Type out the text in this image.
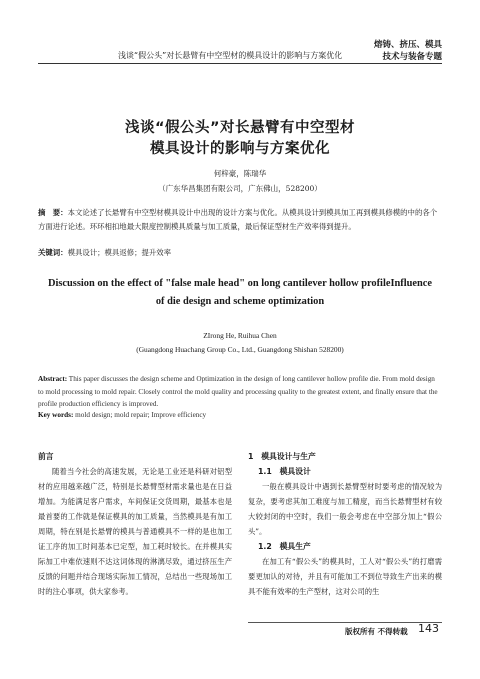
熔铸、挤压、模具
浅谈“假公头”对长悬臂有中空型材的模具设计的影响与方案优化	技术与装备专题
浅谈“假公头”对长悬臂有中空型材
模具设计的影响与方案优化
何梓豪，陈瑞华
（广东华昌集团有限公司，广东佛山，528200）
摘　要：本文论述了长悬臂有中空型材模具设计中出现的设计方案与优化。从模具设计到模具加工再到模具修模的中的各个方面进行论述。环环相扣地最大限度控制模具质量与加工质量，最后保证型材生产效率得到提升。
关键词：模具设计；模具返修；提升效率
Discussion on the effect of "false male head" on long cantilever hollow profileInfluence
of die design and scheme optimization
ZIrong He, Ruihua Chen
(Guangdong Huachang Group Co., Ltd., Guangdong Shishan 528200)
Abstract: This paper discusses the design scheme and Optimization in the design of long cantilever hollow profile die. From mold design to mold processing to mold repair. Closely control the mold quality and processing quality to the greatest extent, and finally ensure that the profile production efficiency is improved.
Key words: mold design; mold repair; Improve efficiency
前言

随着当今社会的高速发展，无论是工业还是科研对铝型材的应用越来越广泛，特别是长悬臂型材需求量也是在日益增加。为能满足客户需求，车间保证交货周期，最基本也是最首要的工作就是保证模具的加工质量，当然模具是有加工周期，特在别是长悬臂的模具与普通模具不一样的是也加工证工序的加工时间基本已定型，加工耗时较长。在并模具实际加工中难依速则不达这词体现的淋漓尽致，通过挤压生产反馈的问题并结合现场实际加工情况，总结出一些现场加工时的注心事项，供大家参考。

1　模具设计与生产
1.1　模具设计

一般在模具设计中遇到长悬臂型材时要考虑的情况较为复杂，要考虑其加工难度与加工精度，而当长悬臂型材有较大较封闭的中空时，我们一般会考虑在中空部分加上“假公头”。

1.2　模具生产

在加工有“假公头”的模具时，工人对“假公头”的打磨需要更加认的对待，并且有可能加工不到位导致生产出来的模具不能有效率的生产型材，这对公司的生

版权所有 不得转载 143
